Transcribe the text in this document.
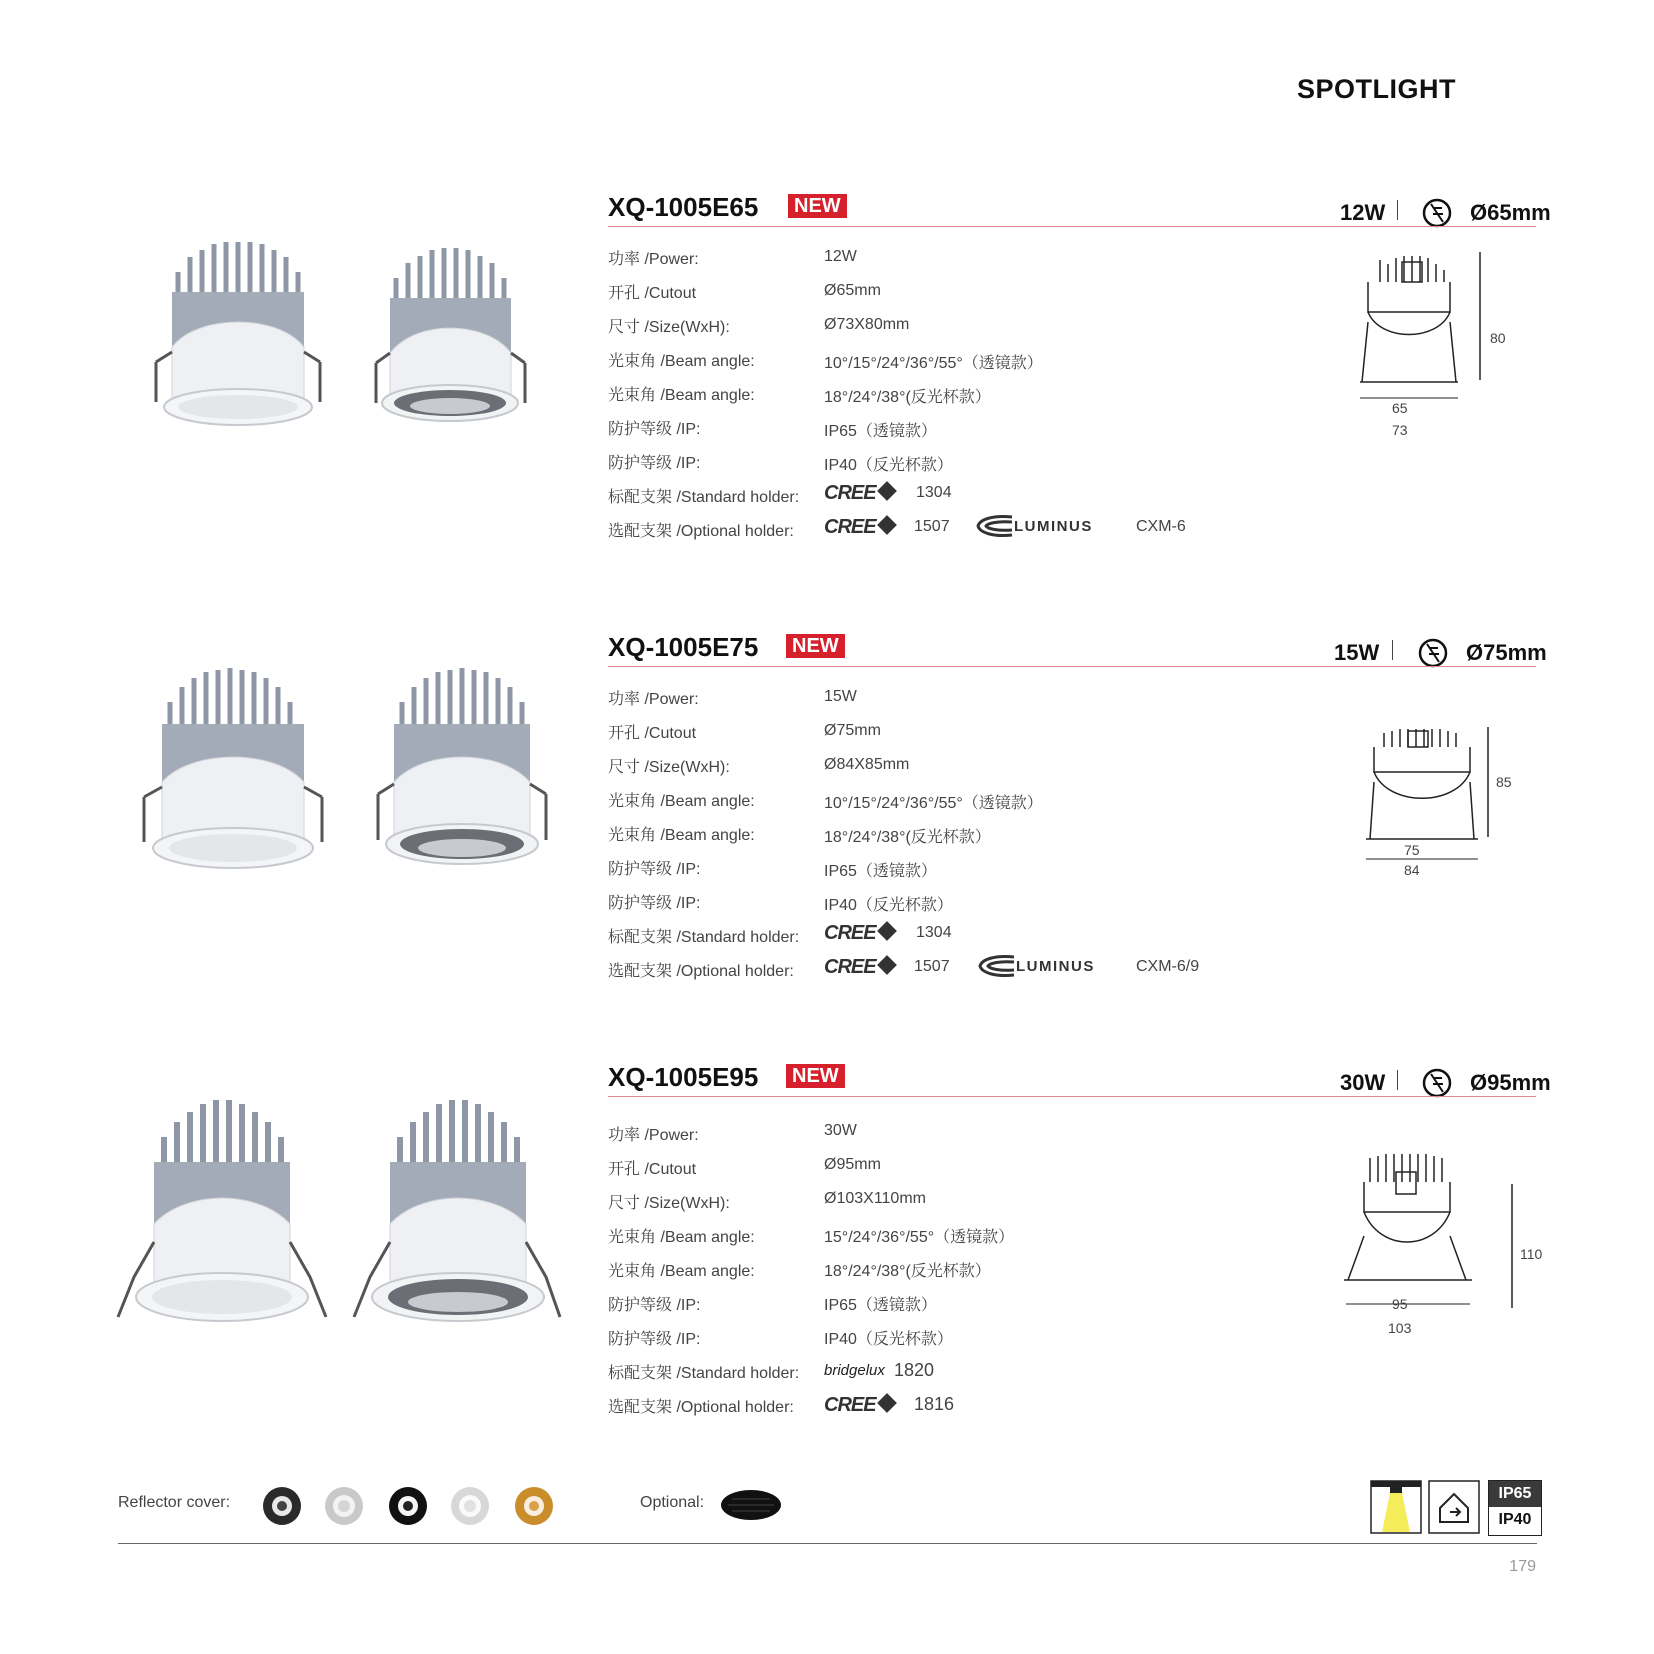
SPOTLIGHT
XQ-1005E65	NEW	12W	Ø65mm
功率 /Power:	12W
开孔 /Cutout	Ø65mm
尺寸 /Size(WxH):	Ø73X80mm
光束角 /Beam angle:	10°/15°/24°/36°/55°（透镜款）
光束角 /Beam angle:	18°/24°/38°(反光杯款）
防护等级 /IP:	IP65（透镜款）
防护等级 /IP:	IP40（反光杯款）
标配支架 /Standard holder: CREE	1304
选配支架 /Optional holder: CREE	1507	LUMINUS	CXM-6
80
65
73
XQ-1005E75	NEW	15W	Ø75mm
功率 /Power:	15W
开孔 /Cutout	Ø75mm
尺寸 /Size(WxH):	Ø84X85mm
光束角 /Beam angle:	10°/15°/24°/36°/55°（透镜款）
光束角 /Beam angle:	18°/24°/38°(反光杯款）
防护等级 /IP:	IP65（透镜款）
防护等级 /IP:	IP40（反光杯款）
标配支架 /Standard holder: CREE	1304
选配支架 /Optional holder: CREE	1507	LUMINUS	CXM-6/9
85
75
84
XQ-1005E95	NEW	30W	Ø95mm
功率 /Power:	30W
开孔 /Cutout	Ø95mm
尺寸 /Size(WxH):	Ø103X110mm
光束角 /Beam angle:	15°/24°/36°/55°（透镜款）
光束角 /Beam angle:	18°/24°/38°(反光杯款）
防护等级 /IP:	IP65（透镜款）
防护等级 /IP:	IP40（反光杯款）
标配支架 /Standard holder: bridgelux 1820
选配支架 /Optional holder: CREE	1816
110
95
103
Reflector cover:	Optional:
IP65
IP40
179
